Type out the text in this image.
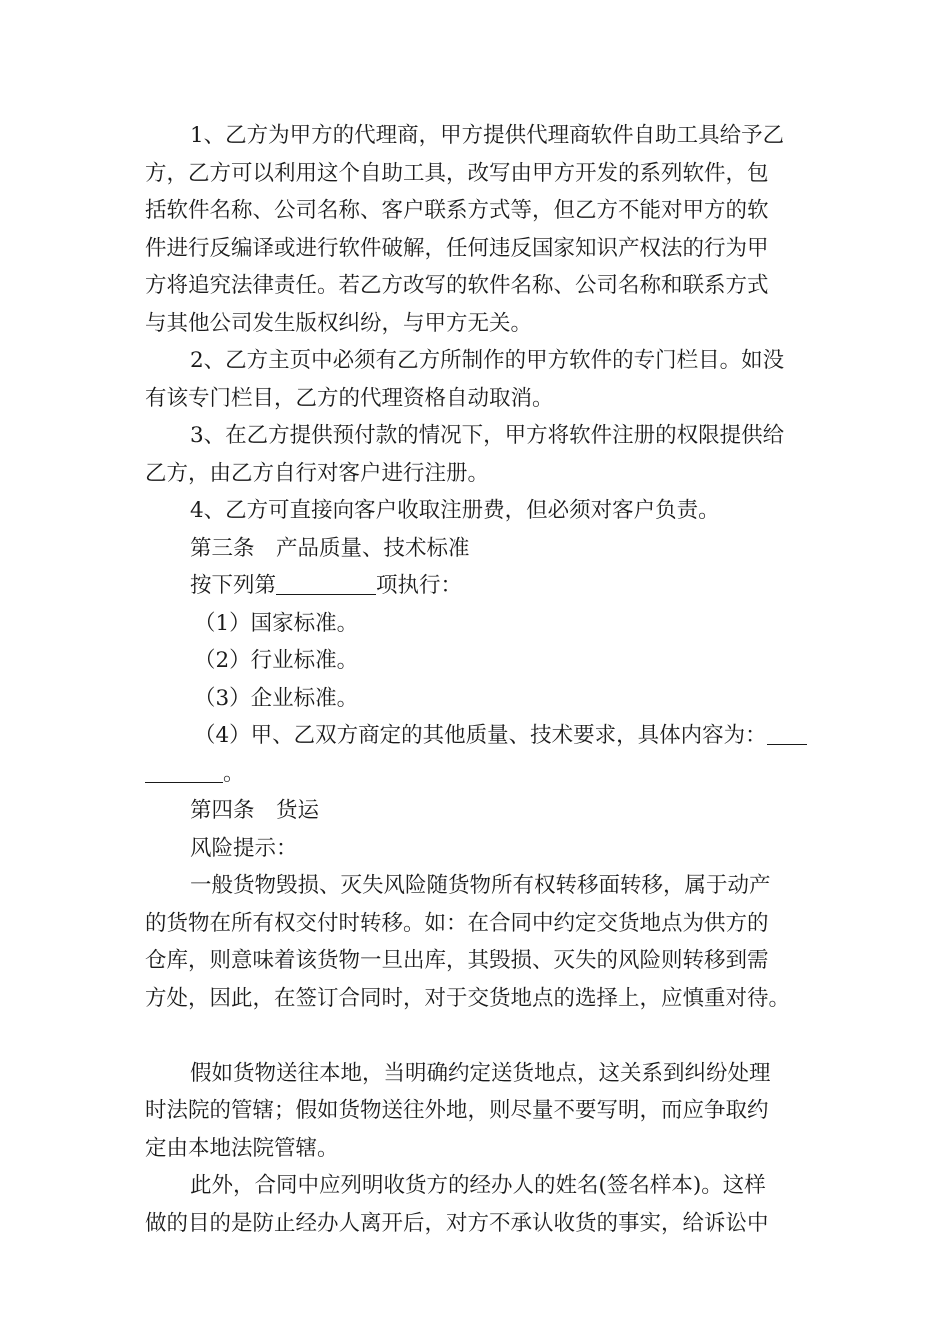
1、乙方为甲方的代理商，甲方提供代理商软件自助工具给予乙
方，乙方可以利用这个自助工具，改写由甲方开发的系列软件，包
括软件名称、公司名称、客户联系方式等，但乙方不能对甲方的软
件进行反编译或进行软件破解，任何违反国家知识产权法的行为甲
方将追究法律责任。若乙方改写的软件名称、公司名称和联系方式
与其他公司发生版权纠纷，与甲方无关。
2、乙方主页中必须有乙方所制作的甲方软件的专门栏目。如没
有该专门栏目，乙方的代理资格自动取消。
3、在乙方提供预付款的情况下，甲方将软件注册的权限提供给
乙方，由乙方自行对客户进行注册。
4、乙方可直接向客户收取注册费，但必须对客户负责。
第三条　产品质量、技术标准
按下列第	项执行：
（1）国家标准。
（2）行业标准。
（3）企业标准。
（4）甲、乙双方商定的其他质量、技术要求，具体内容为：
。
第四条　货运
风险提示：
一般货物毁损、灭失风险随货物所有权转移面转移，属于动产
的货物在所有权交付时转移。如：在合同中约定交货地点为供方的
仓库，则意味着该货物一旦出库，其毁损、灭失的风险则转移到需
方处，因此，在签订合同时，对于交货地点的选择上，应慎重对待。
假如货物送往本地，当明确约定送货地点，这关系到纠纷处理
时法院的管辖；假如货物送往外地，则尽量不要写明，而应争取约
定由本地法院管辖。
此外，合同中应列明收货方的经办人的姓名(签名样本)。这样
做的目的是防止经办人离开后，对方不承认收货的事实，给诉讼中
